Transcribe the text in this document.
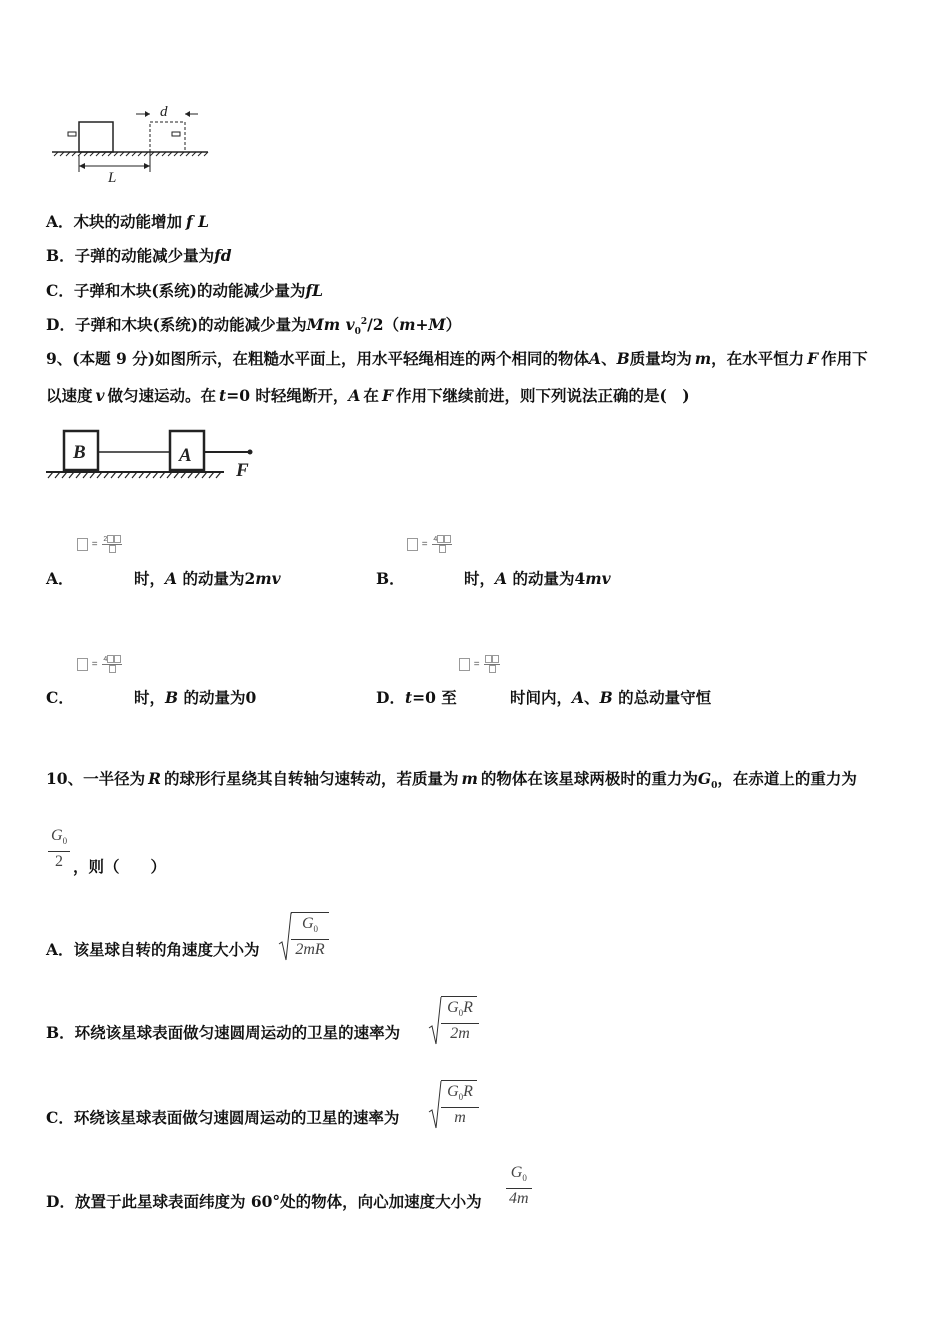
d
L
A．木块的动能增加 f L
B．子弹的动能减少量为fd
C．子弹和木块(系统)的动能减少量为fL
D．子弹和木块(系统)的动能减少量为Mm $v_0^2/2(m+M)$
9、(本题 9 分)如图所示，在粗糙水平面上，用水平轻绳相连的两个相同的物体A、B质量均为 m，在水平恒力 F 作用下
以速度 v 做匀速运动。在 t=0 时轻绳断开，A 在 F 作用下继续前进，则下列说法正确的是(　)
B	A
F
= 2
A．	时，A 的动量为2mv
= 4
B．	时，A 的动量为4mv
= 4
C．	时，B 的动量为0
=
D．t=0 至	时间内，A、B 的总动量守恒
10、一半径为 R 的球形行星绕其自转轴匀速转动，若质量为 m 的物体在该星球两极时的重力为$G_0$，在赤道上的重力为
$\frac{G_0}{2}$ ，则（　　）
A．该星球自转的角速度大小为 $\frac{G_0}{2mR}$
B．环绕该星球表面做匀速圆周运动的卫星的速率为	$\frac{G_0R}{2m}$
C．环绕该星球表面做匀速圆周运动的卫星的速率为	$\frac{G_0R}{m}$
D．放置于此星球表面纬度为 60°处的物体，向心加速度大小为 $\frac{G_0}{4m}$
